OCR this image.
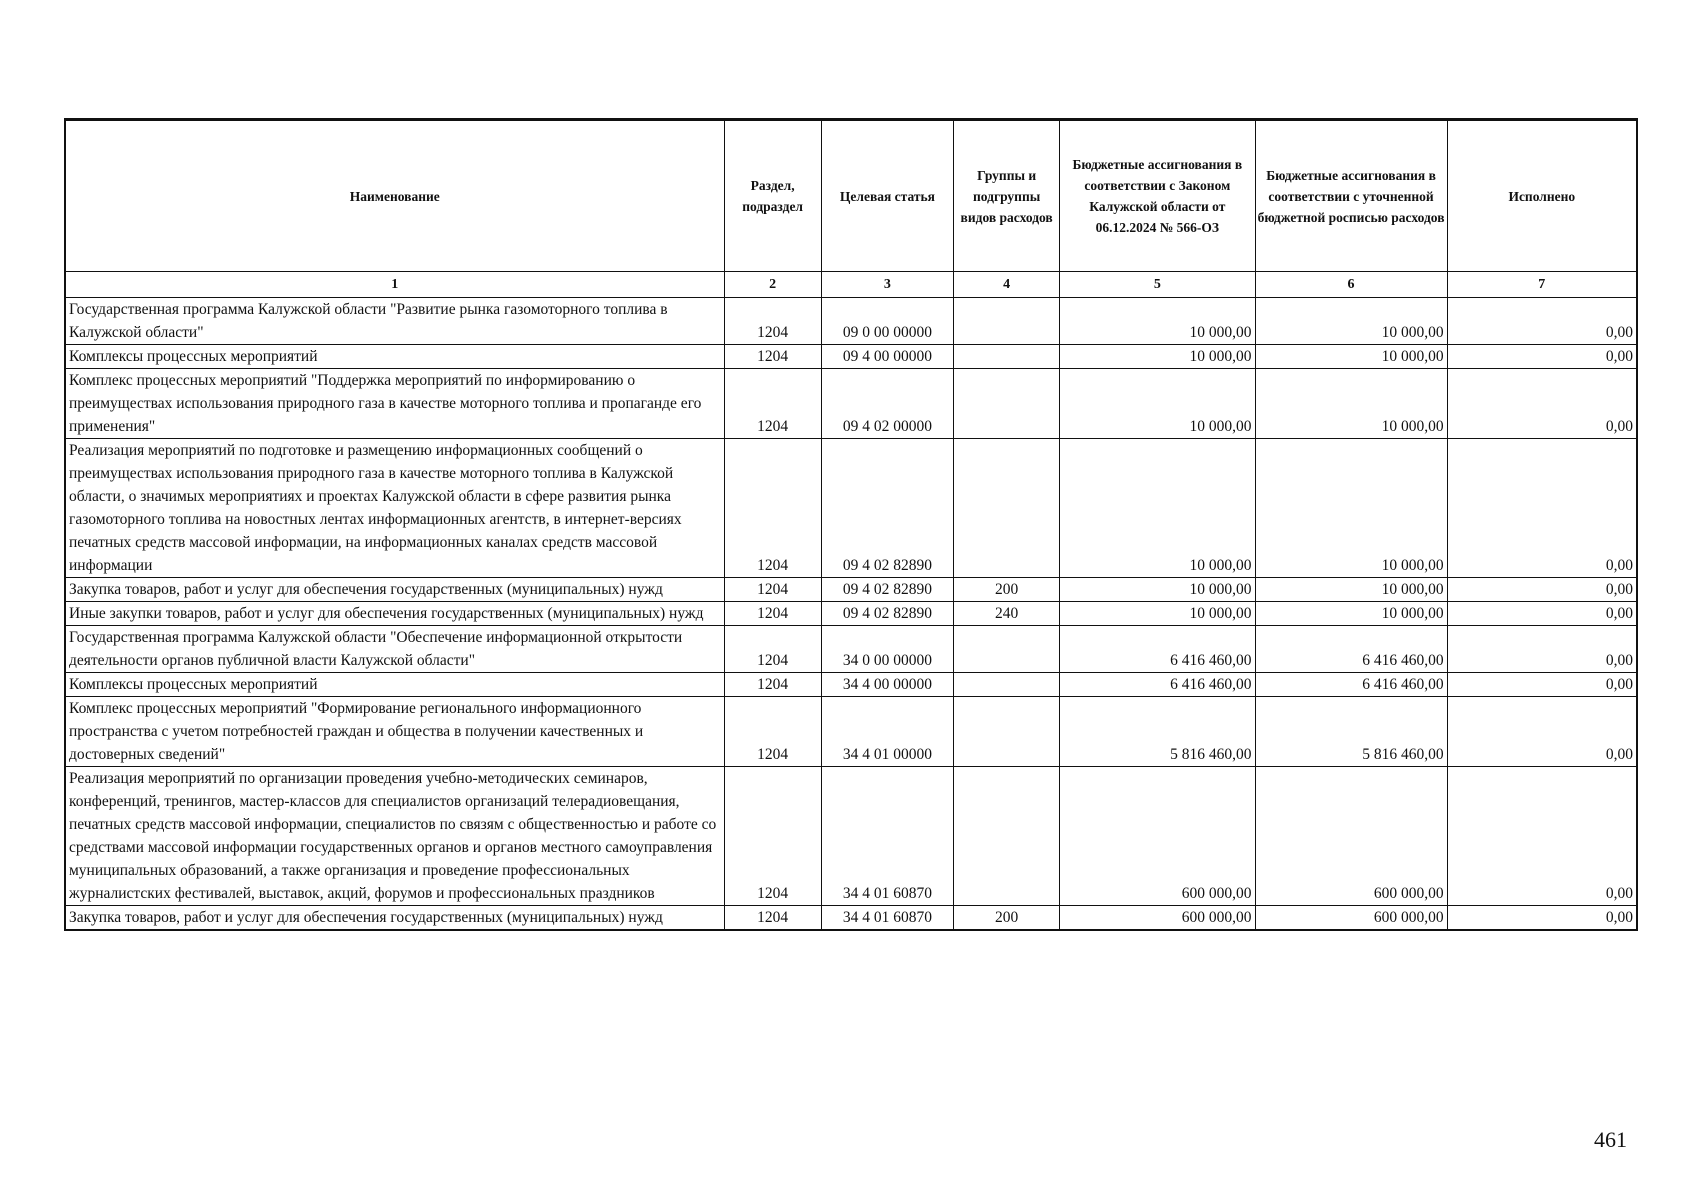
Наименование	Раздел, подраздел	Целевая статья	Группы и подгруппы видов расходов	Бюджетные ассигнования в соответствии с Законом Калужской области от 06.12.2024 № 566-ОЗ	Бюджетные ассигнования в соответствии с уточненной бюджетной росписью расходов	Исполнено
1	2	3	4	5	6	7
Государственная программа Калужской области "Развитие рынка газомоторного топлива в Калужской области"	1204	09 0 00 00000		10 000,00	10 000,00	0,00
Комплексы процессных мероприятий	1204	09 4 00 00000		10 000,00	10 000,00	0,00
Комплекс процессных мероприятий "Поддержка мероприятий по информированию о преимуществах использования природного газа в качестве моторного топлива и пропаганде его применения"	1204	09 4 02 00000		10 000,00	10 000,00	0,00
Реализация мероприятий по подготовке и размещению информационных сообщений о преимуществах использования природного газа в качестве моторного топлива в Калужской области, о значимых мероприятиях и проектах Калужской области в сфере развития рынка газомоторного топлива на новостных лентах информационных агентств, в интернет-версиях печатных средств массовой информации, на информационных каналах средств массовой информации	1204	09 4 02 82890		10 000,00	10 000,00	0,00
Закупка товаров, работ и услуг для обеспечения государственных (муниципальных) нужд	1204	09 4 02 82890	200	10 000,00	10 000,00	0,00
Иные закупки товаров, работ и услуг для обеспечения государственных (муниципальных) нужд	1204	09 4 02 82890	240	10 000,00	10 000,00	0,00
Государственная программа Калужской области "Обеспечение информационной открытости деятельности органов публичной власти Калужской области"	1204	34 0 00 00000		6 416 460,00	6 416 460,00	0,00
Комплексы процессных мероприятий	1204	34 4 00 00000		6 416 460,00	6 416 460,00	0,00
Комплекс процессных мероприятий "Формирование регионального информационного пространства с учетом потребностей граждан и общества в получении качественных и достоверных сведений"	1204	34 4 01 00000		5 816 460,00	5 816 460,00	0,00
Реализация мероприятий по организации проведения учебно-методических семинаров, конференций, тренингов, мастер-классов для специалистов организаций телерадиовещания, печатных средств массовой информации, специалистов по связям с общественностью и работе со средствами массовой информации государственных органов и органов местного самоуправления муниципальных образований, а также организация и проведение профессиональных журналистских фестивалей, выставок, акций, форумов и профессиональных праздников	1204	34 4 01 60870		600 000,00	600 000,00	0,00
Закупка товаров, работ и услуг для обеспечения государственных (муниципальных) нужд	1204	34 4 01 60870	200	600 000,00	600 000,00	0,00
461
